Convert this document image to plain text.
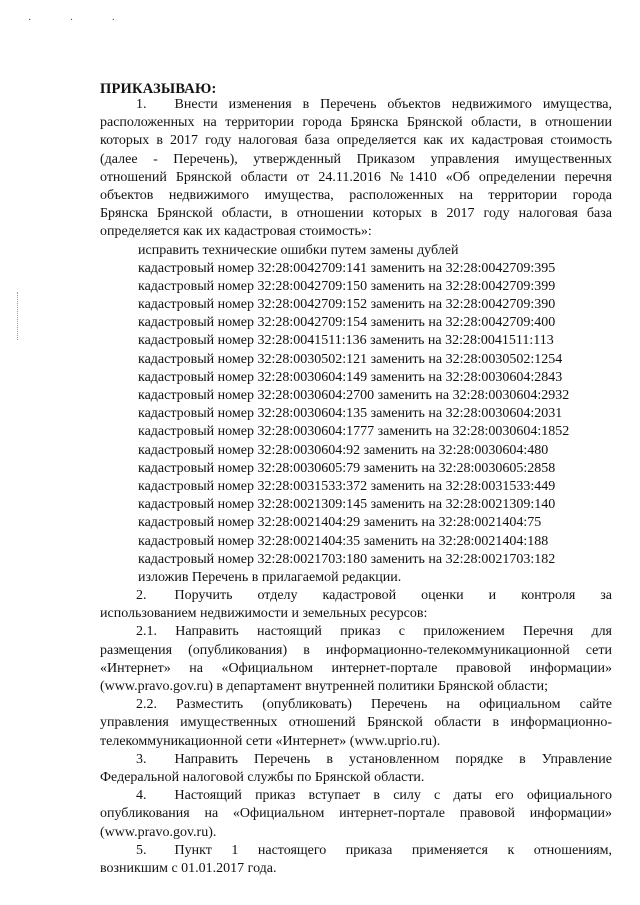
· · ·
ПРИКАЗЫВАЮ:
1.  Внести изменения в Перечень объектов недвижимого имущества,
расположенных на территории города Брянска Брянской области, в отношении
которых в 2017 году налоговая база определяется как их кадастровая стоимость
(далее - Перечень), утвержденный Приказом управления имущественных
отношений Брянской области от 24.11.2016 №1410 «Об определении перечня
объектов недвижимого имущества, расположенных на территории города
Брянска Брянской области, в отношении которых в 2017 году налоговая база
определяется как их кадастровая стоимость»:
исправить технические ошибки путем замены дублей
кадастровый номер 32:28:0042709:141 заменить на 32:28:0042709:395
кадастровый номер 32:28:0042709:150 заменить на 32:28:0042709:399
кадастровый номер 32:28:0042709:152 заменить на 32:28:0042709:390
кадастровый номер 32:28:0042709:154 заменить на 32:28:0042709:400
кадастровый номер 32:28:0041511:136 заменить на 32:28:0041511:113
кадастровый номер 32:28:0030502:121 заменить на 32:28:0030502:1254
кадастровый номер 32:28:0030604:149 заменить на 32:28:0030604:2843
кадастровый номер 32:28:0030604:2700 заменить на 32:28:0030604:2932
кадастровый номер 32:28:0030604:135 заменить на 32:28:0030604:2031
кадастровый номер 32:28:0030604:1777 заменить на 32:28:0030604:1852
кадастровый номер 32:28:0030604:92 заменить на 32:28:0030604:480
кадастровый номер 32:28:0030605:79 заменить на 32:28:0030605:2858
кадастровый номер 32:28:0031533:372 заменить на 32:28:0031533:449
кадастровый номер 32:28:0021309:145 заменить на 32:28:0021309:140
кадастровый номер 32:28:0021404:29 заменить на 32:28:0021404:75
кадастровый номер 32:28:0021404:35 заменить на 32:28:0021404:188
кадастровый номер 32:28:0021703:180 заменить на 32:28:0021703:182
изложив Перечень в прилагаемой редакции.
2.  Поручить отделу кадастровой оценки и контроля за
использованием недвижимости и земельных ресурсов:
2.1. Направить настоящий приказ с приложением Перечня для
размещения (опубликования) в информационно-телекоммуникационной сети
«Интернет» на «Официальном интернет-портале правовой информации»
(www.pravo.gov.ru) в департамент внутренней политики Брянской области;
2.2. Разместить (опубликовать) Перечень на официальном сайте
управления имущественных отношений Брянской области в информационно-
телекоммуникационной сети «Интернет» (www.uprio.ru).
3.  Направить Перечень в установленном порядке в Управление
Федеральной налоговой службы по Брянской области.
4.  Настоящий приказ вступает в силу с даты его официального
опубликования на «Официальном интернет-портале правовой информации»
(www.pravo.gov.ru).
5.  Пункт 1 настоящего приказа применяется к отношениям,
возникшим с 01.01.2017 года.
